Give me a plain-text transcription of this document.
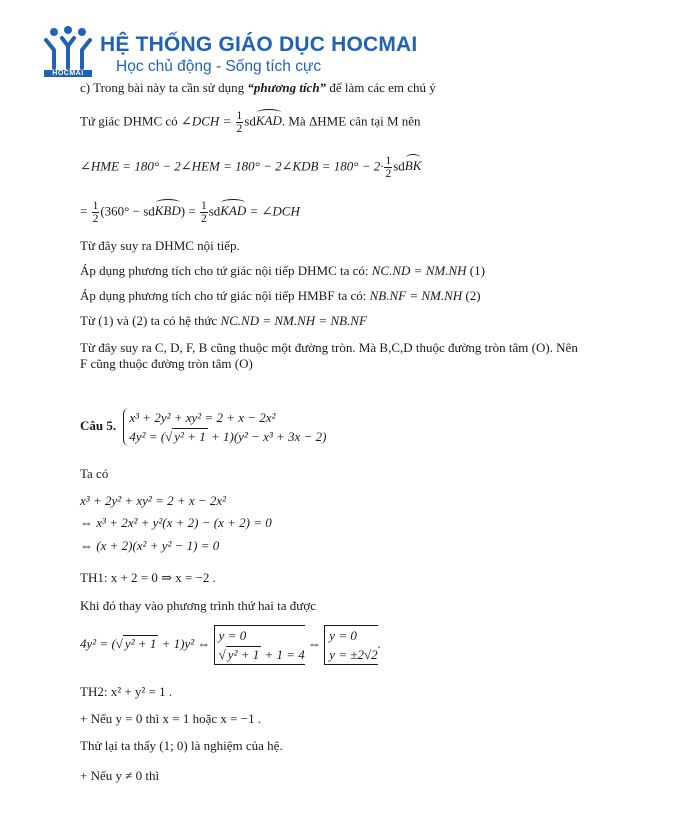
HOCMAI
HỆ THỐNG GIÁO DỤC HOCMAI
Học chủ động - Sống tích cực
c) Trong bài này ta cần sử dụng “phương tích” để làm các em chú ý
Tứ giác DHMC có ∠DCH = $\frac{1}{2}$ sdKAD. Mà ΔHME cân tại M nên
∠HME = 180° − 2∠HEM = 180° − 2∠KDB = $180^\circ - 2\cdot \frac{1}{2}$ sdBK
= $\frac{1}{2} (360^\circ$ − sdKBD) = $\frac{1}{2}$ sdKAD = ∠DCH
Từ đây suy ra DHMC nội tiếp.
Áp dụng phương tích cho tứ giác nội tiếp DHMC ta có: NC.ND = NM.NH (1)
Áp dụng phương tích cho tứ giác nội tiếp HMBF ta có: NB.NF = NM.NH (2)
Từ (1) và (2) ta có hệ thức NC.ND = NM.NH = NB.NF
Từ đây suy ra C, D, F, B cũng thuộc một đường tròn. Mà B,C,D thuộc đường tròn tâm (O). Nên
F cũng thuộc đường tròn tâm (O)
Câu 5.
x³ + 2y² + xy² = 2 + x − 2x²
4y² = (√ y² + 1 + 1)(y² − x³ + 3x − 2)
Ta có
x³ + 2y² + xy² = 2 + x − 2x²
⇔ x³ + 2x² + y²(x + 2) − (x + 2) = 0
⇔ (x + 2)(x² + y² − 1) = 0
TH1: x + 2 = 0 ⇒ x = −2 .
Khi đó thay vào phương trình thứ hai ta được
4y² = (√ y² + 1 + 1)y² ⇔
y = 0
√ y² + 1 + 1 = 4
⇔
y = 0
y = ±2√2
.
TH2: x² + y² = 1 .
+ Nếu y = 0 thì x = 1 hoặc x = −1 .
Thử lại ta thấy (1; 0) là nghiệm của hệ.
+ Nếu y ≠ 0 thì
